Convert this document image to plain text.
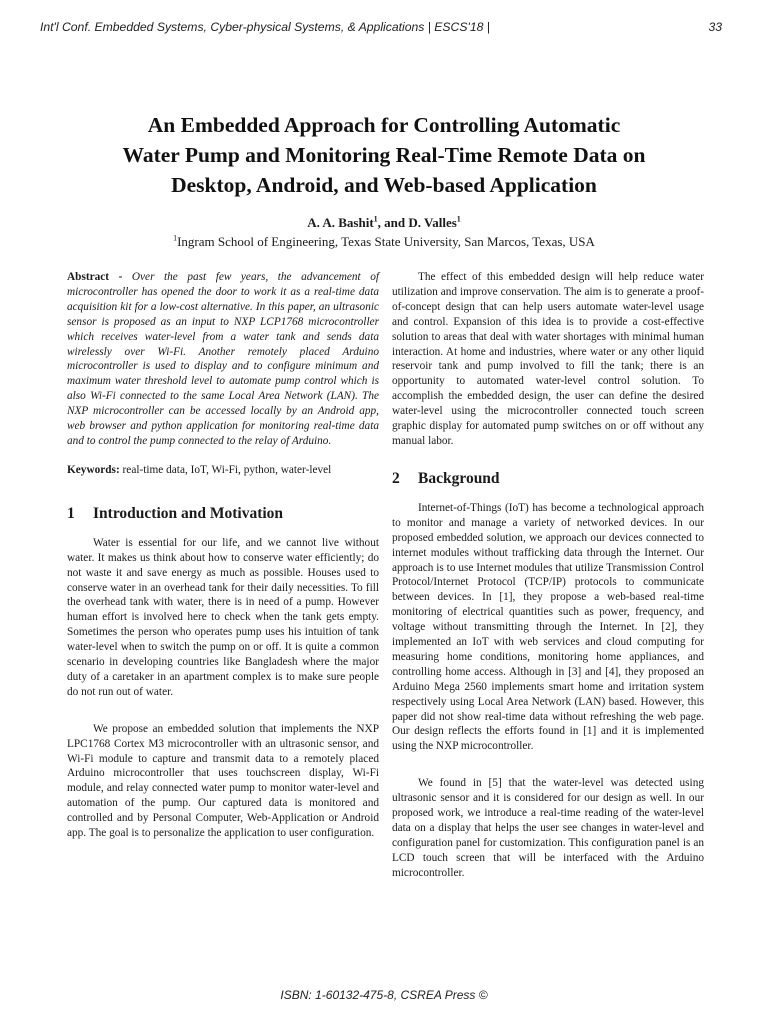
Int'l Conf. Embedded Systems, Cyber-physical Systems, & Applications | ESCS'18 |	33
An Embedded Approach for Controlling Automatic
Water Pump and Monitoring Real-Time Remote Data on
Desktop, Android, and Web-based Application
A. A. Bashit$^1$, and D. Valles$^1$
$^1$Ingram School of Engineering, Texas State University, San Marcos, Texas, USA

Abstract - Over the past few years, the advancement of microcontroller has opened the door to work it as a real-time data acquisition kit for a low-cost alternative. In this paper, an ultrasonic sensor is proposed as an input to NXP LCP1768 microcontroller which receives water-level from a water tank and sends data wirelessly over Wi-Fi. Another remotely placed Arduino microcontroller is used to display and to configure minimum and maximum water threshold level to automate pump control which is also Wi-Fi connected to the same Local Area Network (LAN). The NXP microcontroller can be accessed locally by an Android app, web browser and python application for monitoring real-time data and to control the pump connected to the relay of Arduino.

Keywords: real-time data, IoT, Wi-Fi, python, water-level

1 Introduction and Motivation

Water is essential for our life, and we cannot live without water. It makes us think about how to conserve water efficiently; do not waste it and save energy as much as possible. Houses used to conserve water in an overhead tank for their daily necessities. To fill the overhead tank with water, there is in need of a pump. However human effort is involved here to check when the tank gets empty. Sometimes the person who operates pump uses his intuition of tank water-level when to switch the pump on or off. It is quite a common scenario in developing countries like Bangladesh where the major duty of a caretaker in an apartment complex is to make sure people do not run out of water.

We propose an embedded solution that implements the NXP LPC1768 Cortex M3 microcontroller with an ultrasonic sensor, and Wi-Fi module to capture and transmit data to a remotely placed Arduino microcontroller that uses touchscreen display, Wi-Fi module, and relay connected water pump to monitor water-level and automation of the pump. Our captured data is monitored and controlled and by Personal Computer, Web-Application or Android app. The goal is to personalize the application to user configuration.

The effect of this embedded design will help reduce water utilization and improve conservation. The aim is to generate a proof-of-concept design that can help users automate water-level usage and control. Expansion of this idea is to provide a cost-effective solution to areas that deal with water shortages with minimal human interaction. At home and industries, where water or any other liquid reservoir tank and pump involved to fill the tank; there is an opportunity to automated water-level control solution. To accomplish the embedded design, the user can define the desired water-level using the microcontroller connected touch screen graphic display for automated pump switches on or off without any manual labor.

2 Background

Internet-of-Things (IoT) has become a technological approach to monitor and manage a variety of networked devices. In our proposed embedded solution, we approach our devices connected to internet modules without trafficking data through the Internet. Our approach is to use Internet modules that utilize Transmission Control Protocol/Internet Protocol (TCP/IP) protocols to communicate between devices. In [1], they propose a web-based real-time monitoring of electrical quantities such as power, frequency, and voltage without transmitting through the Internet. In [2], they implemented an IoT with web services and cloud computing for measuring home conditions, monitoring home appliances, and controlling home access. Although in [3] and [4], they proposed an Arduino Mega 2560 implements smart home and irritation system respectively using Local Area Network (LAN) based. However, this paper did not show real-time data without refreshing the web page. Our design reflects the efforts found in [1] and it is implemented using the NXP microcontroller.

We found in [5] that the water-level was detected using ultrasonic sensor and it is considered for our design as well. In our proposed work, we introduce a real-time reading of the water-level data on a display that helps the user see changes in water-level and configuration panel for customization. This configuration panel is an LCD touch screen that will be interfaced with the Arduino microcontroller.

ISBN: 1-60132-475-8, CSREA Press ©
